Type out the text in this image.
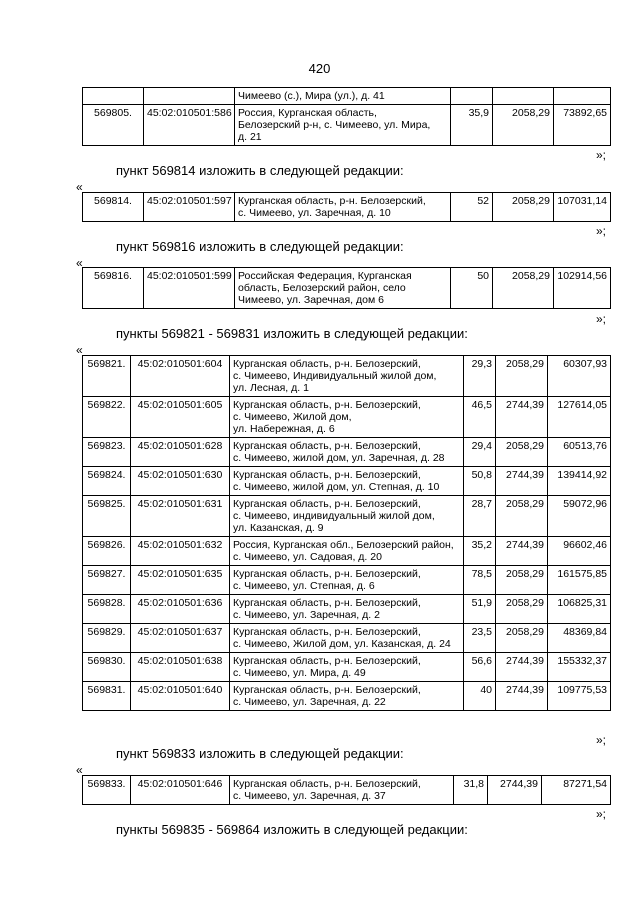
420
		Чимеево (с.), Мира (ул.), д. 41			
569805.	45:02:010501:586	Россия, Курганская область,
Белозерский р-н, с. Чимеево, ул. Мира,
д. 21	35,9	2058,29	73892,65
»;
пункт 569814 изложить в следующей редакции:
«
569814.	45:02:010501:597	Курганская область, р-н. Белозерский,
с. Чимеево, ул. Заречная, д. 10	52	2058,29	107031,14
»;
пункт 569816 изложить в следующей редакции:
«
569816.	45:02:010501:599	Российская Федерация, Курганская
область, Белозерский район, село
Чимеево, ул. Заречная, дом 6	50	2058,29	102914,56
»;
пункты 569821 - 569831 изложить в следующей редакции:
«
569821.	45:02:010501:604	Курганская область, р-н. Белозерский,
с. Чимеево, Индивидуальный жилой дом,
ул. Лесная, д. 1	29,3	2058,29	60307,93
569822.	45:02:010501:605	Курганская область, р-н. Белозерский,
с. Чимеево, Жилой дом,
ул. Набережная, д. 6	46,5	2744,39	127614,05
569823.	45:02:010501:628	Курганская область, р-н. Белозерский,
с. Чимеево, жилой дом, ул. Заречная, д. 28	29,4	2058,29	60513,76
569824.	45:02:010501:630	Курганская область, р-н. Белозерский,
с. Чимеево, жилой дом, ул. Степная, д. 10	50,8	2744,39	139414,92
569825.	45:02:010501:631	Курганская область, р-н. Белозерский,
с. Чимеево, индивидуальный жилой дом,
ул. Казанская, д. 9	28,7	2058,29	59072,96
569826.	45:02:010501:632	Россия, Курганская обл., Белозерский район,
с. Чимеево, ул. Садовая, д. 20	35,2	2744,39	96602,46
569827.	45:02:010501:635	Курганская область, р-н. Белозерский,
с. Чимеево, ул. Степная, д. 6	78,5	2058,29	161575,85
569828.	45:02:010501:636	Курганская область, р-н. Белозерский,
с. Чимеево, ул. Заречная, д. 2	51,9	2058,29	106825,31
569829.	45:02:010501:637	Курганская область, р-н. Белозерский,
с. Чимеево, Жилой дом, ул. Казанская, д. 24	23,5	2058,29	48369,84
569830.	45:02:010501:638	Курганская область, р-н. Белозерский,
с. Чимеево, ул. Мира, д. 49	56,6	2744,39	155332,37
569831.	45:02:010501:640	Курганская область, р-н. Белозерский,
с. Чимеево, ул. Заречная, д. 22	40	2744,39	109775,53
»;
пункт 569833 изложить в следующей редакции:
«
569833.	45:02:010501:646	Курганская область, р-н. Белозерский,
с. Чимеево, ул. Заречная, д. 37	31,8	2744,39	87271,54
»;
пункты 569835 - 569864 изложить в следующей редакции:
